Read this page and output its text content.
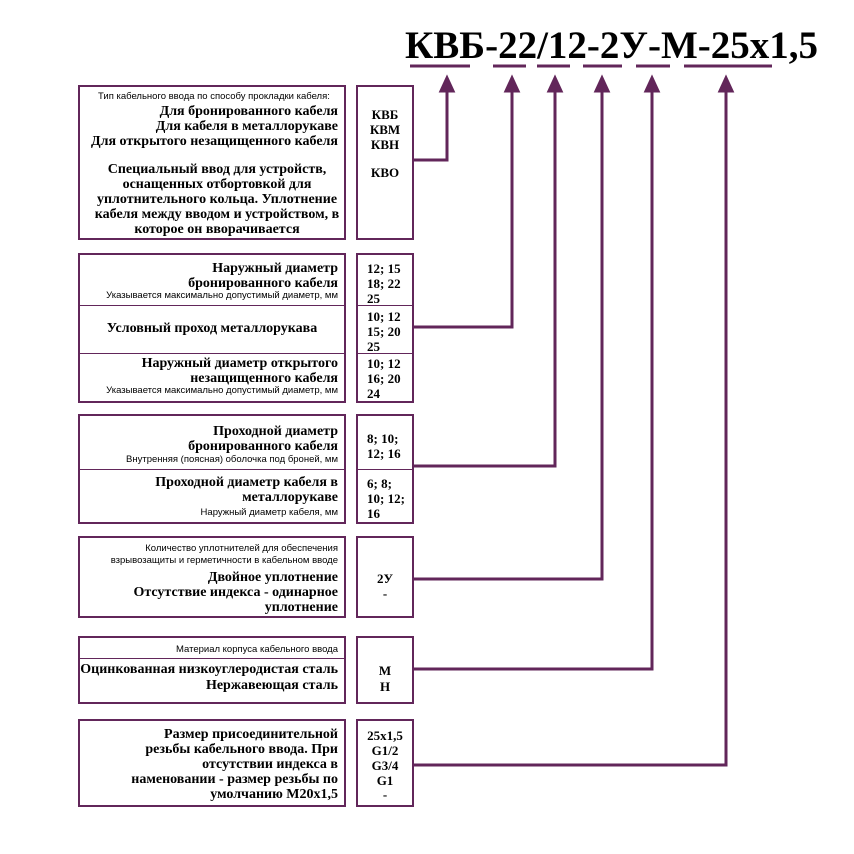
КВБ-22/12-2У-М-25х1,5
Тип кабельного ввода по способу прокладки кабеля:
Для бронированного кабеля
Для кабеля в металлорукаве
Для открытого незащищенного кабеля
Специальный ввод для устройств, оснащенных отбортовкой для уплотнительного кольца. Уплотнение кабеля между вводом и устройством, в которое он вворачивается
КВБ
КВМ
КВН
КВО
Наружный диаметр бронированного кабеля
Указывается максимально допустимый диаметр, мм
Условный проход металлорукава
Наружный диаметр открытого незащищенного кабеля
Указывается максимально допустимый диаметр, мм
12; 15 18; 22 25
10; 12 15; 20 25
10; 12 16; 20 24
Проходной диаметр бронированного кабеля
Внутренняя (поясная) оболочка под броней, мм
Проходной диаметр кабеля в металлорукаве
Наружный диаметр кабеля, мм
8; 10; 12; 16
6; 8; 10; 12; 16
Количество уплотнителей для обеспечения
взрывозащиты и герметичности в кабельном вводе
Двойное уплотнение
Отсутствие индекса - одинарное уплотнение
2У
-
Материал корпуса кабельного ввода
Оцинкованная низкоуглеродистая сталь
Нержавеющая сталь
М
Н
Размер присоединительной резьбы кабельного ввода. При отсутствии индекса в наменовании - размер резьбы по умолчанию М20х1,5
25х1,5
G1/2
G3/4
G1
-
